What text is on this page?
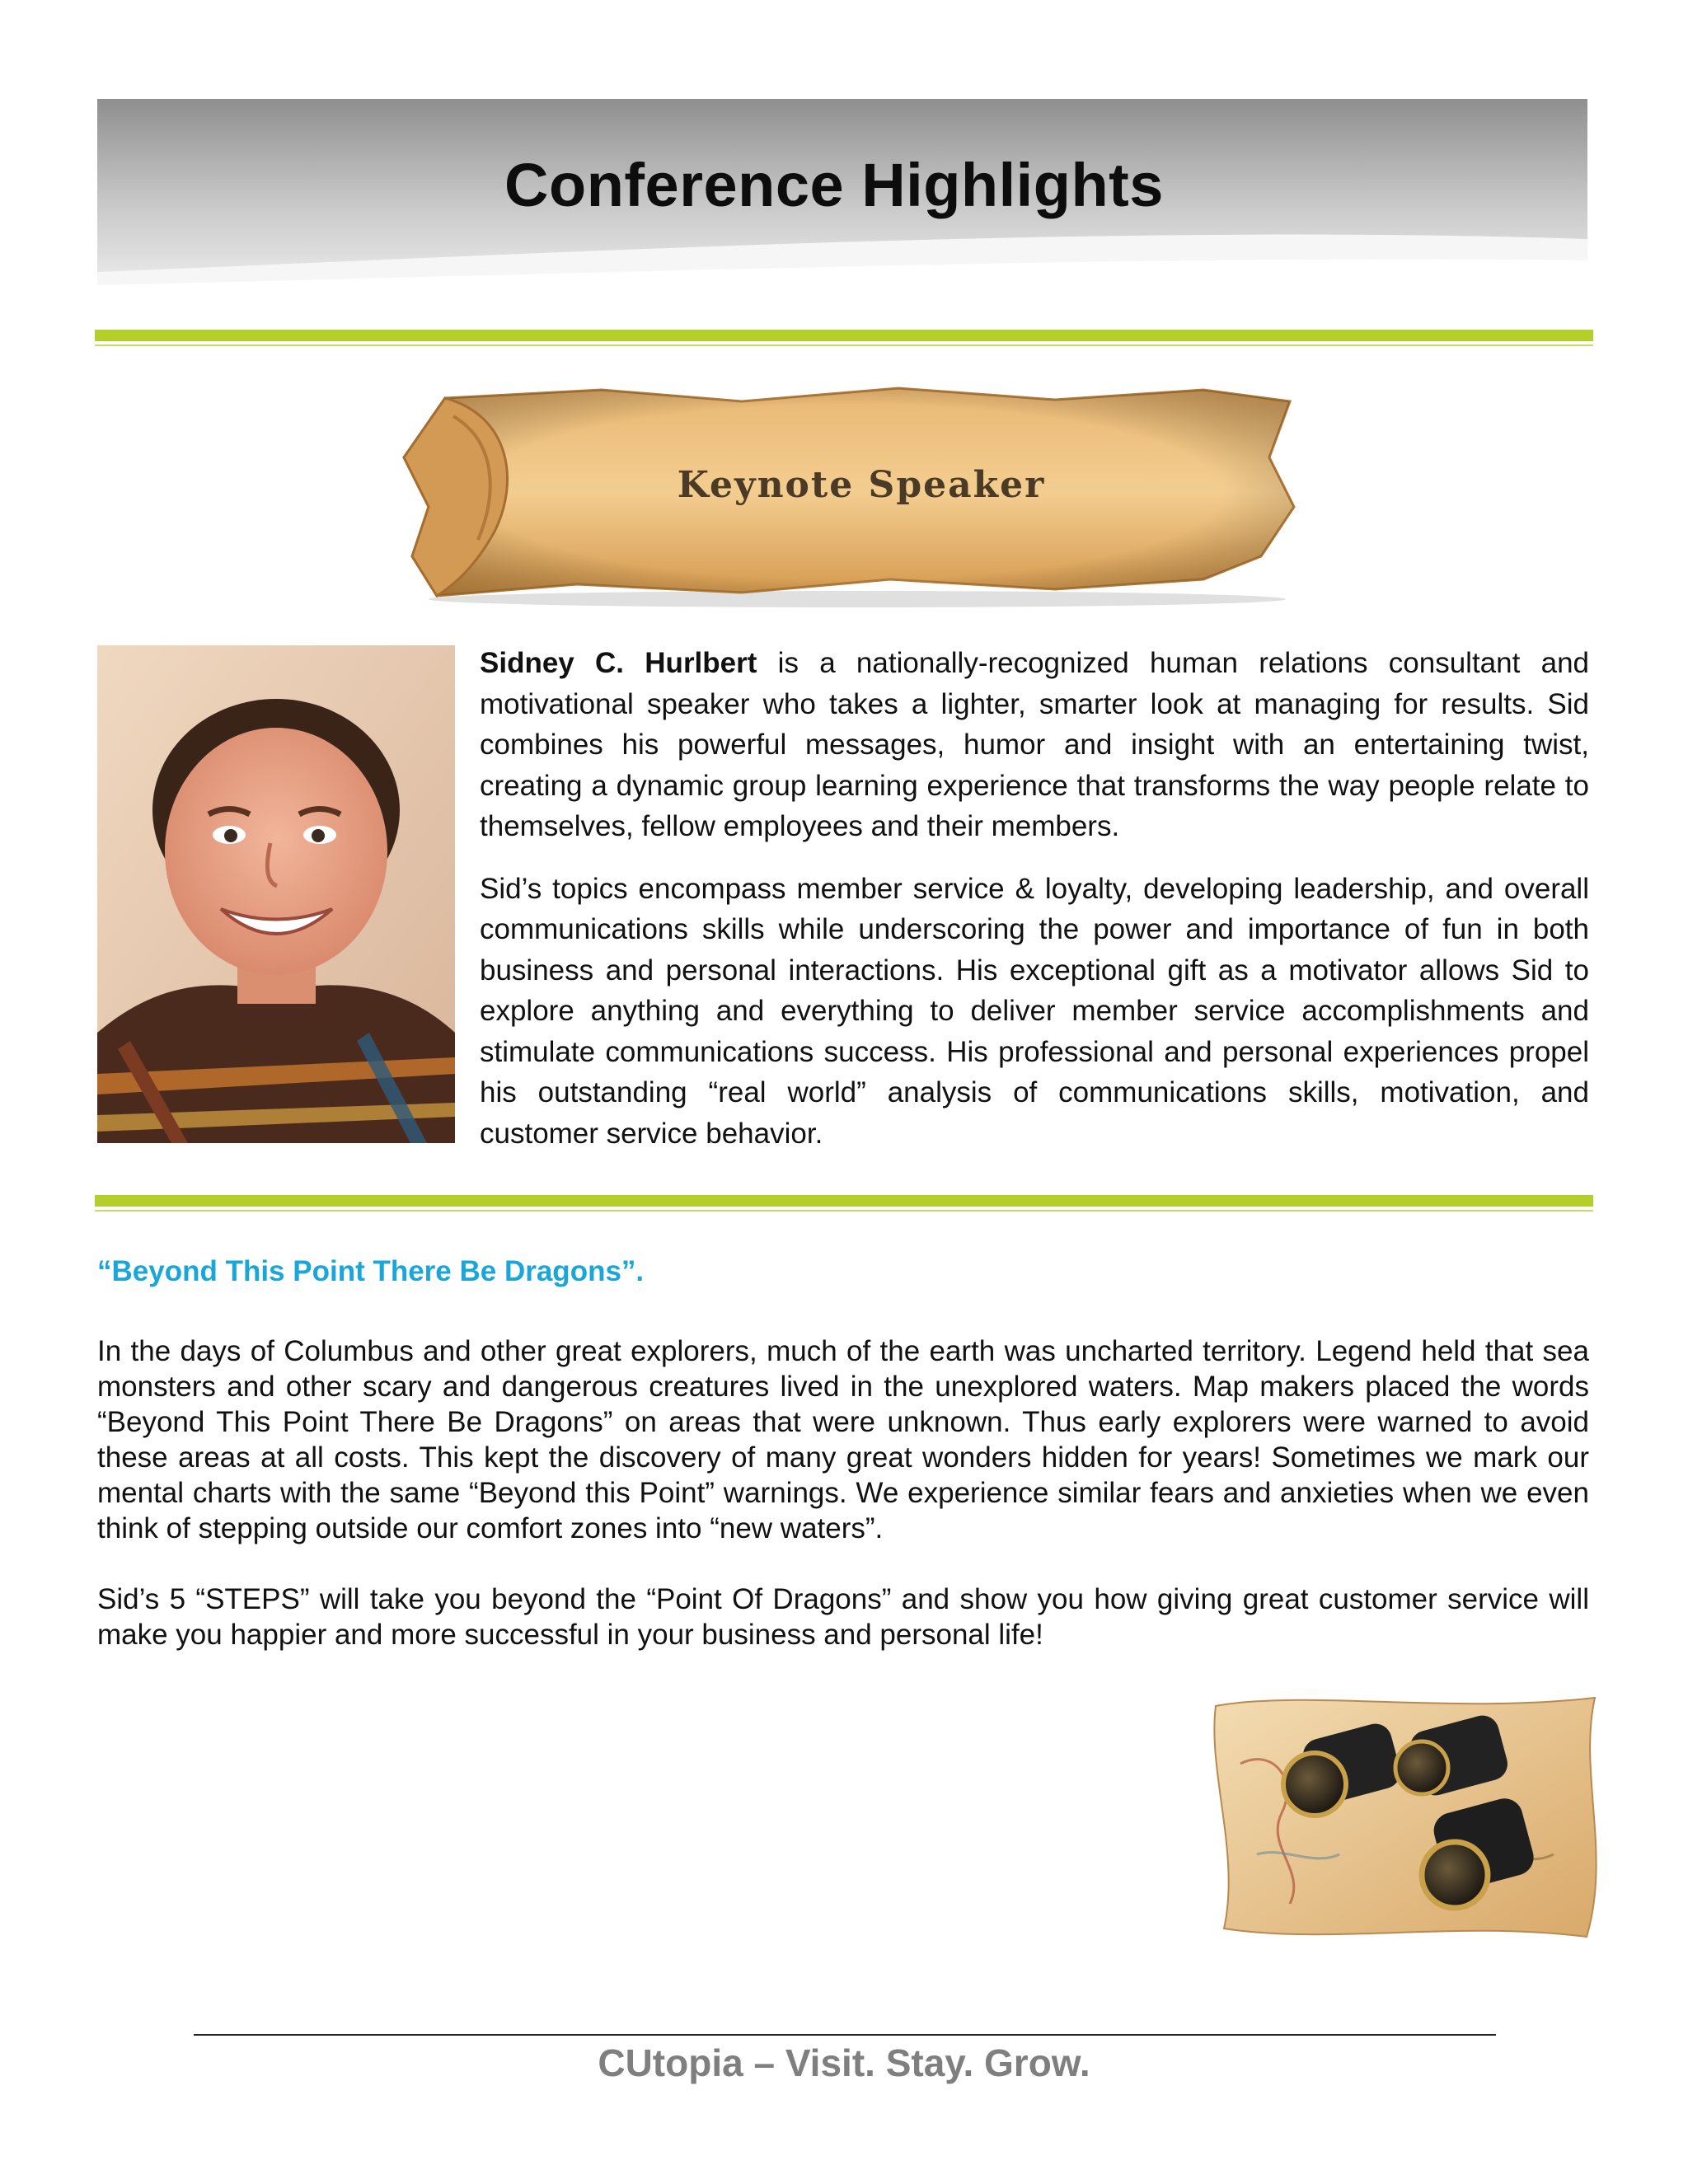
Conference Highlights
Keynote Speaker

Sidney C. Hurlbert is a nationally-recognized human relations consultant and motivational speaker who takes a lighter, smarter look at managing for results. Sid combines his powerful messages, humor and insight with an entertaining twist, creating a dynamic group learning experience that transforms the way people relate to themselves, fellow employees and their members.

Sid’s topics encompass member service & loyalty, developing leadership, and overall communications skills while underscoring the power and importance of fun in both business and personal interactions. His exceptional gift as a motivator allows Sid to explore anything and everything to deliver member service accomplishments and stimulate communications success. His professional and personal experiences propel his outstanding “real world” analysis of communications skills, motivation, and customer service behavior.

“Beyond This Point There Be Dragons”.

In the days of Columbus and other great explorers, much of the earth was uncharted territory. Legend held that sea monsters and other scary and dangerous creatures lived in the unexplored waters. Map makers placed the words “Beyond This Point There Be Dragons” on areas that were unknown. Thus early explorers were warned to avoid these areas at all costs. This kept the discovery of many great wonders hidden for years! Sometimes we mark our mental charts with the same “Beyond this Point” warnings. We experience similar fears and anxieties when we even think of stepping outside our comfort zones into “new waters”.

Sid’s 5 “STEPS” will take you beyond the “Point Of Dragons” and show you how giving great customer service will make you happier and more successful in your business and personal life!

CUtopia – Visit. Stay. Grow.
